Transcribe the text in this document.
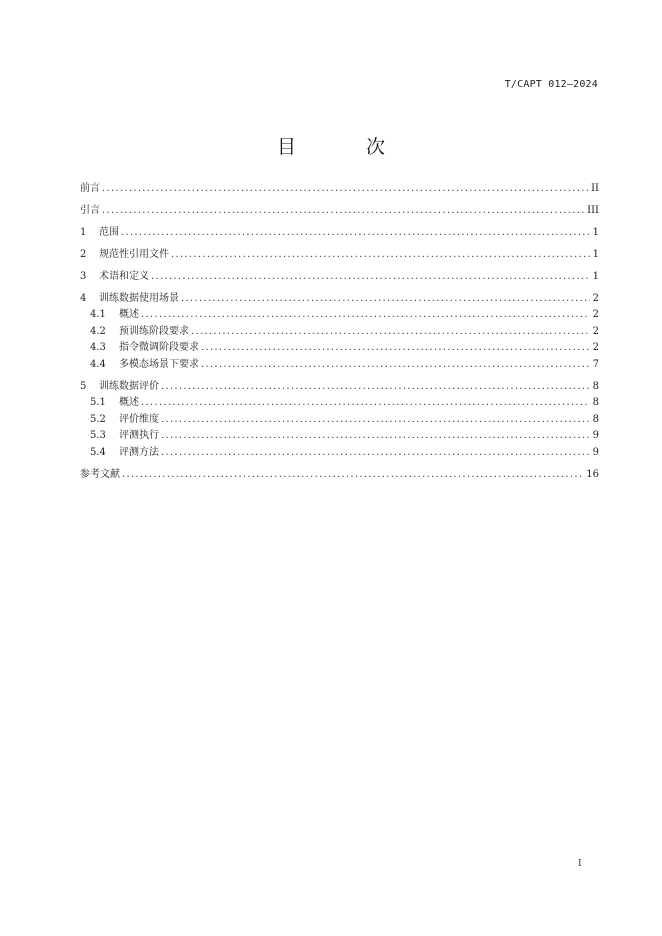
T/CAPT 012—2024
目 次
前言 .....	II
引言 .....	III
1	范围 .....	1
2	规范性引用文件 .....	1
3	术语和定义 .....	1
4	训练数据使用场景 .....	2
4.1	概述 .....	2
4.2	预训练阶段要求 .....	2
4.3	指令微调阶段要求 .....	2
4.4	多模态场景下要求 .....	7
5	训练数据评价 .....	8
5.1	概述 .....	8
5.2	评价维度 .....	8
5.3	评测执行 .....	9
5.4	评测方法 .....	9
参考文献 .....	16
I
